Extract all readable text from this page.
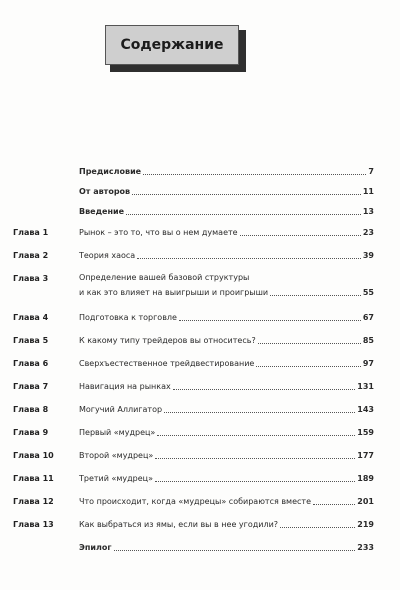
Содержание
Предисловие	7
От авторов	11
Введение	13
Глава 1	Рынок – это то, что вы о нем думаете	23
Глава 2	Теория хаоса	39
Глава 3	Определение вашей базовой структуры
и как это влияет на выигрыши и проигрыши	55
Глава 4	Подготовка к торговле	67
Глава 5	К какому типу трейдеров вы относитесь?	85
Глава 6	Сверхъестественное трейдвестирование	97
Глава 7	Навигация на рынках	131
Глава 8	Могучий Аллигатор	143
Глава 9	Первый «мудрец»	159
Глава 10	Второй «мудрец»	177
Глава 11	Третий «мудрец»	189
Глава 12	Что происходит, когда «мудрецы» собираются вместе	201
Глава 13	Как выбраться из ямы, если вы в нее угодили?	219
Эпилог	233
